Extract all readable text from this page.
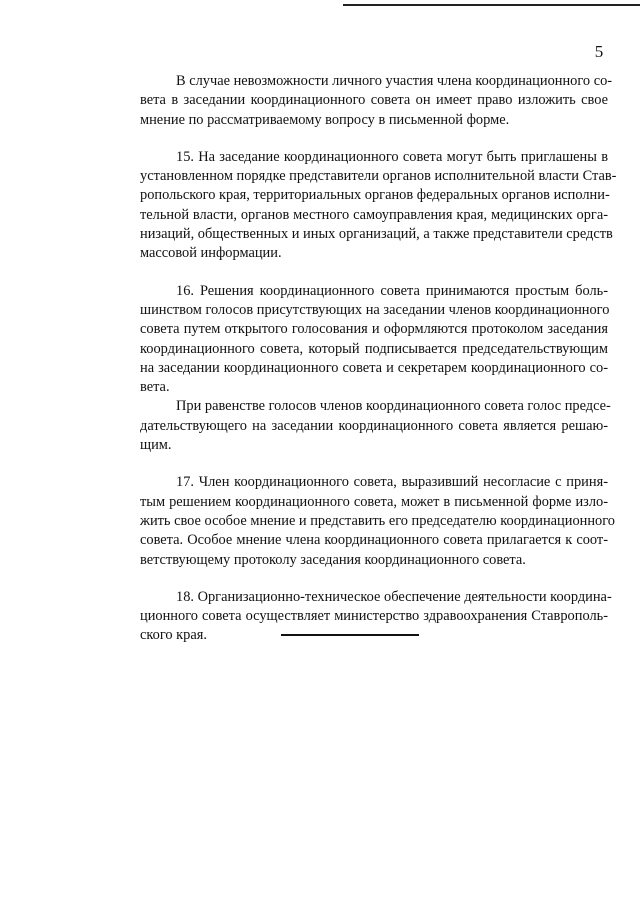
5
В случае невозможности личного участия члена координационного со-
вета в заседании координационного совета он имеет право изложить свое
мнение по рассматриваемому вопросу в письменной форме.
15. На заседание координационного совета могут быть приглашены в
установленном порядке представители органов исполнительной власти Став-
ропольского края, территориальных органов федеральных органов исполни-
тельной власти, органов местного самоуправления края, медицинских орга-
низаций, общественных и иных организаций, а также представители средств
массовой информации.
16. Решения координационного совета принимаются простым боль-
шинством голосов присутствующих на заседании членов координационного
совета путем открытого голосования и оформляются протоколом заседания
координационного совета, который подписывается председательствующим
на заседании координационного совета и секретарем координационного со-
вета.
При равенстве голосов членов координационного совета голос предсе-
дательствующего на заседании координационного совета является решаю-
щим.
17. Член координационного совета, выразивший несогласие с приня-
тым решением координационного совета, может в письменной форме изло-
жить свое особое мнение и представить его председателю координационного
совета. Особое мнение члена координационного совета прилагается к соот-
ветствующему протоколу заседания координационного совета.
18. Организационно-техническое обеспечение деятельности координа-
ционного совета осуществляет министерство здравоохранения Ставрополь-
ского края.
